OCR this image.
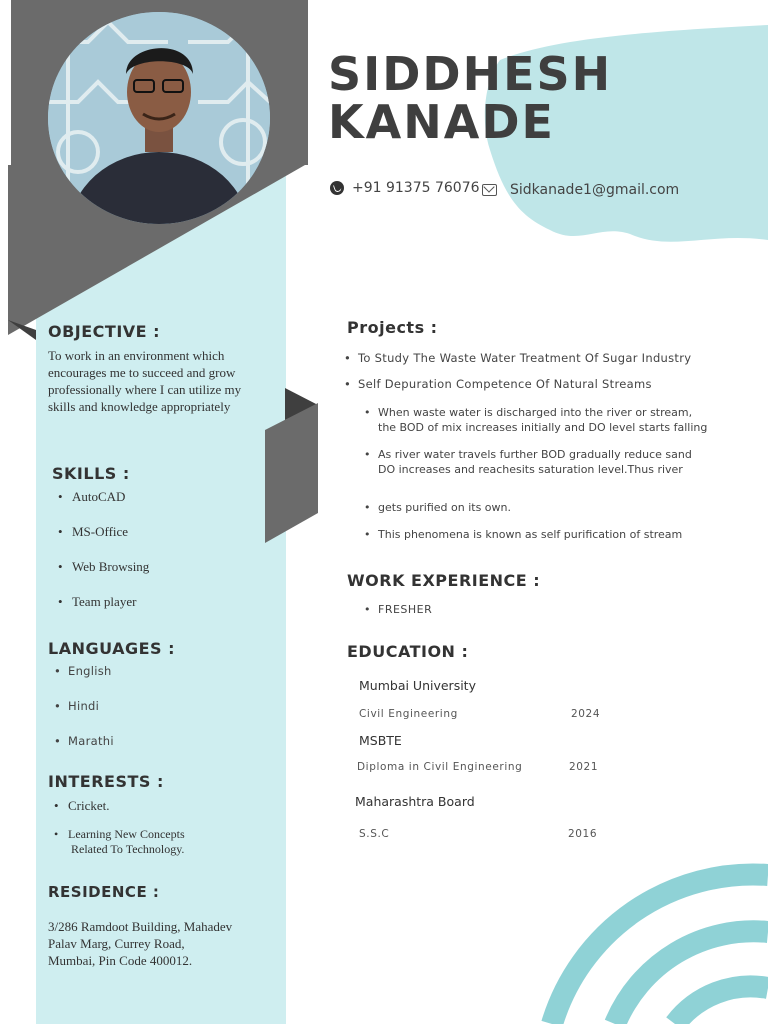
SIDDHESH
KANADE
+91 91375 76076	Sidkanade1@gmail.com
OBJECTIVE :

To work in an environment which encourages me to succeed and grow professionally where I can utilize my skills and knowledge appropriately

SKILLS :
• AutoCAD
• MS-Office
• Web Browsing
• Team player
LANGUAGES :
• English
• Hindi
• Marathi
INTERESTS :
• Cricket.
• Learning New Concepts
Related To Technology.
RESIDENCE :
3/286 Ramdoot Building, Mahadev
Palav Marg, Currey Road,
Mumbai, Pin Code 400012.
Projects :
• To Study The Waste Water Treatment Of Sugar Industry
• Self Depuration Competence Of Natural Streams
• When waste water is discharged into the river or stream,
the BOD of mix increases initially and DO level starts falling
• As river water travels further BOD gradually reduce sand
DO increases and reachesits saturation level.Thus river
• gets purified on its own.
• This phenomena is known as self purification of stream
WORK EXPERIENCE :
• FRESHER
EDUCATION :
Mumbai University
Civil Engineering	2024
MSBTE
Diploma in Civil Engineering	2021
Maharashtra Board
S.S.C	2016
